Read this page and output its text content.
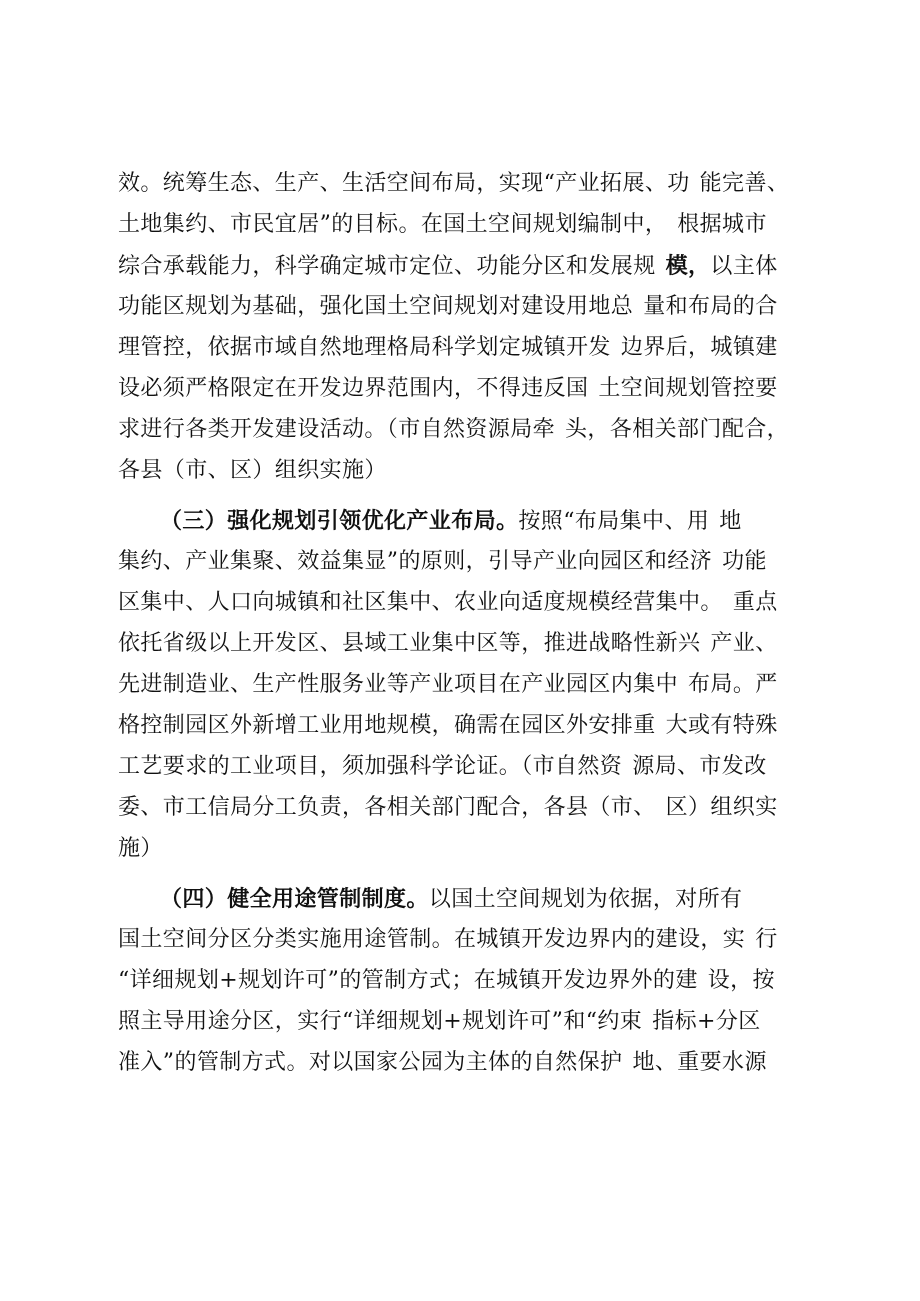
效。统筹生态、生产、生活空间布局，实现“产业拓展、功 能完善、
土地集约、市民宜居”的目标。在国土空间规划编制中， 根据城市
综合承载能力，科学确定城市定位、功能分区和发展规 模，以主体
功能区规划为基础，强化国土空间规划对建设用地总 量和布局的合
理管控，依据市域自然地理格局科学划定城镇开发 边界后，城镇建
设必须严格限定在开发边界范围内，不得违反国 土空间规划管控要
求进行各类开发建设活动。（市自然资源局牵 头，各相关部门配合，
各县（市、区）组织实施）
（三）强化规划引领优化产业布局。按照“布局集中、用 地
集约、产业集聚、效益集显”的原则，引导产业向园区和经济 功能
区集中、人口向城镇和社区集中、农业向适度规模经营集中。 重点
依托省级以上开发区、县域工业集中区等，推进战略性新兴 产业、
先进制造业、生产性服务业等产业项目在产业园区内集中 布局。严
格控制园区外新增工业用地规模，确需在园区外安排重 大或有特殊
工艺要求的工业项目，须加强科学论证。（市自然资 源局、市发改
委、市工信局分工负责，各相关部门配合，各县（市、 区）组织实
施）
（四）健全用途管制制度。以国土空间规划为依据，对所有
国土空间分区分类实施用途管制。在城镇开发边界内的建设，实 行
“详细规划+规划许可”的管制方式；在城镇开发边界外的建 设，按
照主导用途分区，实行“详细规划+规划许可”和“约束 指标+分区
准入”的管制方式。对以国家公园为主体的自然保护 地、重要水源
